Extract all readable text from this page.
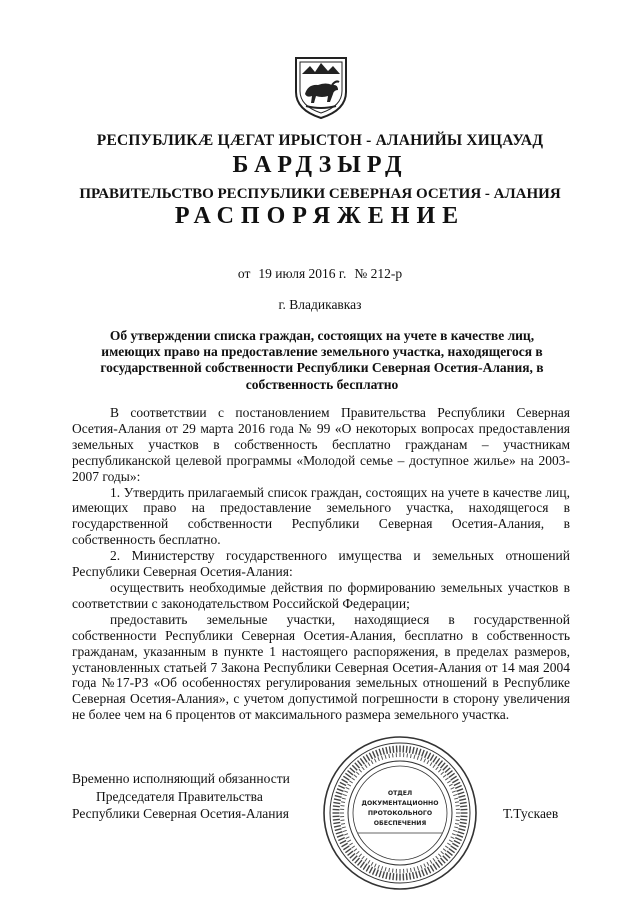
РЕСПУБЛИКÆ ЦÆГАТ ИРЫСТОН - АЛАНИЙЫ ХИЦАУАД
БАРДЗЫРД
ПРАВИТЕЛЬСТВО РЕСПУБЛИКИ СЕВЕРНАЯ ОСЕТИЯ - АЛАНИЯ
РАСПОРЯЖЕНИЕ
от 19 июля 2016 г. № 212-р
г. Владикавказ
Об утверждении списка граждан, состоящих на учете в качестве лиц, имеющих право на предоставление земельного участка, находящегося в государственной собственности Республики Северная Осетия-Алания, в собственность бесплатно

В соответствии с постановлением Правительства Республики Северная Осетия-Алания от 29 марта 2016 года № 99 «О некоторых вопросах предоставления земельных участков в собственность бесплатно гражданам – участникам республиканской целевой программы «Молодой семье – доступное жилье» на 2003-2007 годы»:

1. Утвердить прилагаемый список граждан, состоящих на учете в качестве лиц, имеющих право на предоставление земельного участка, находящегося в государственной собственности Республики Северная Осетия-Алания, в собственность бесплатно.

2. Министерству государственного имущества и земельных отношений Республики Северная Осетия-Алания:

осуществить необходимые действия по формированию земельных участков в соответствии с законодательством Российской Федерации;

предоставить земельные участки, находящиеся в государственной собственности Республики Северная Осетия-Алания, бесплатно в собственность гражданам, указанным в пункте 1 настоящего распоряжения, в пределах размеров, установленных статьей 7 Закона Республики Северная Осетия-Алания от 14 мая 2004 года №17-РЗ «Об особенностях регулирования земельных отношений в Республике Северная Осетия-Алания», с учетом допустимой погрешности в сторону увеличения не более чем на 6 процентов от максимального размера земельного участка.

Временно исполняющий обязанности
Председателя Правительства
Республики Северная Осетия-Алания
ОТДЕЛ
ДОКУМЕНТАЦИОННО
ПРОТОКОЛЬНОГО
ОБЕСПЕЧЕНИЯ
Т.Тускаев
